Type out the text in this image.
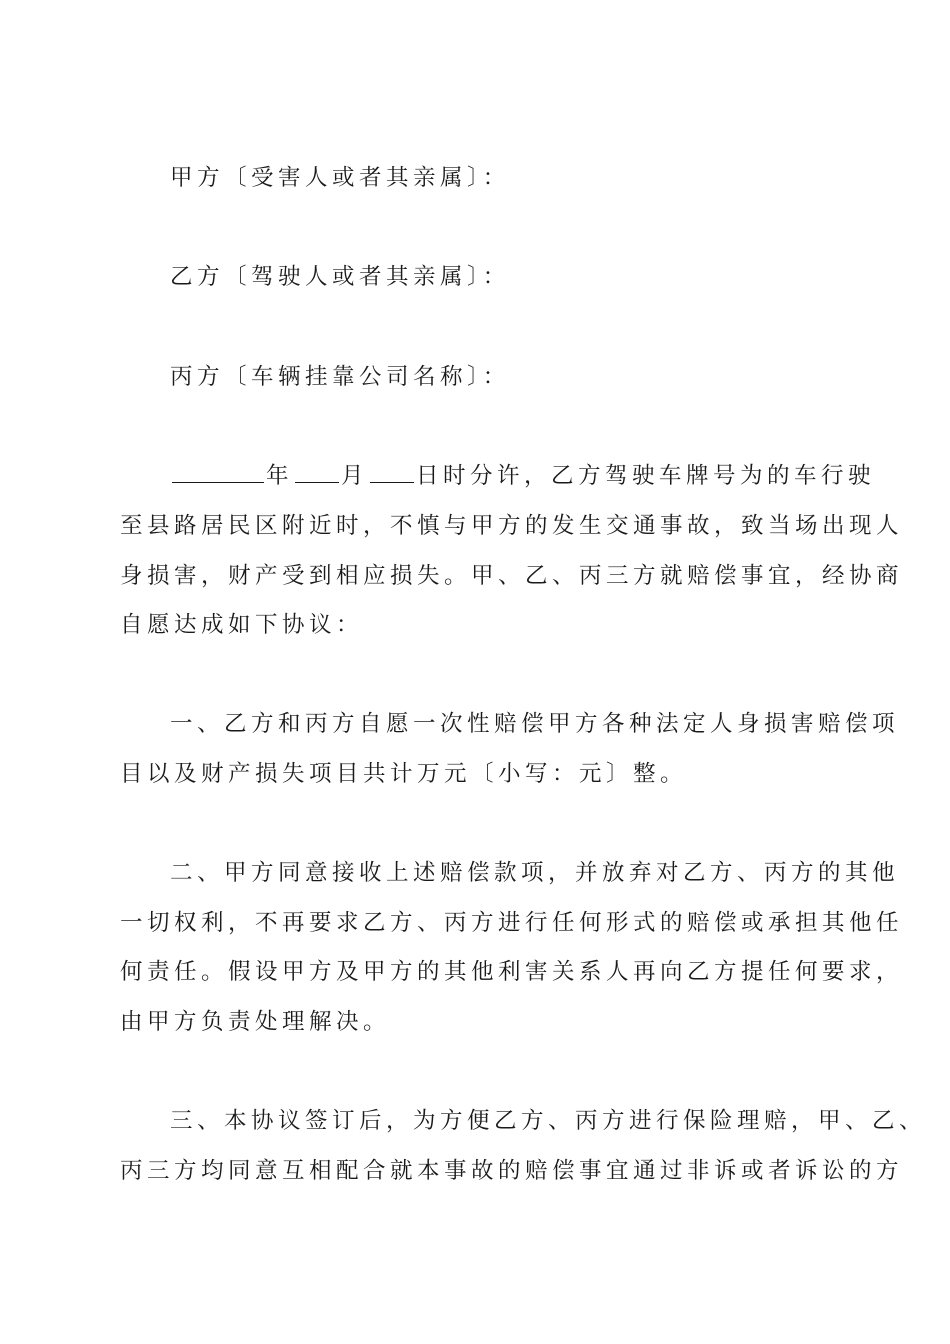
甲方〔受害人或者其亲属〕：
乙方〔驾驶人或者其亲属〕：
丙方〔车辆挂靠公司名称〕：
年 月 日时分许，乙方驾驶车牌号为的车行驶
至县路居民区附近时，不慎与甲方的发生交通事故，致当场出现人
身损害，财产受到相应损失。甲、乙、丙三方就赔偿事宜，经协商
自愿达成如下协议：
一、乙方和丙方自愿一次性赔偿甲方各种法定人身损害赔偿项
目以及财产损失项目共计万元〔小写：元〕整。
二、甲方同意接收上述赔偿款项，并放弃对乙方、丙方的其他
一切权利，不再要求乙方、丙方进行任何形式的赔偿或承担其他任
何责任。假设甲方及甲方的其他利害关系人再向乙方提任何要求，
由甲方负责处理解决。
三、本协议签订后，为方便乙方、丙方进行保险理赔，甲、乙、
丙三方均同意互相配合就本事故的赔偿事宜通过非诉或者诉讼的方
